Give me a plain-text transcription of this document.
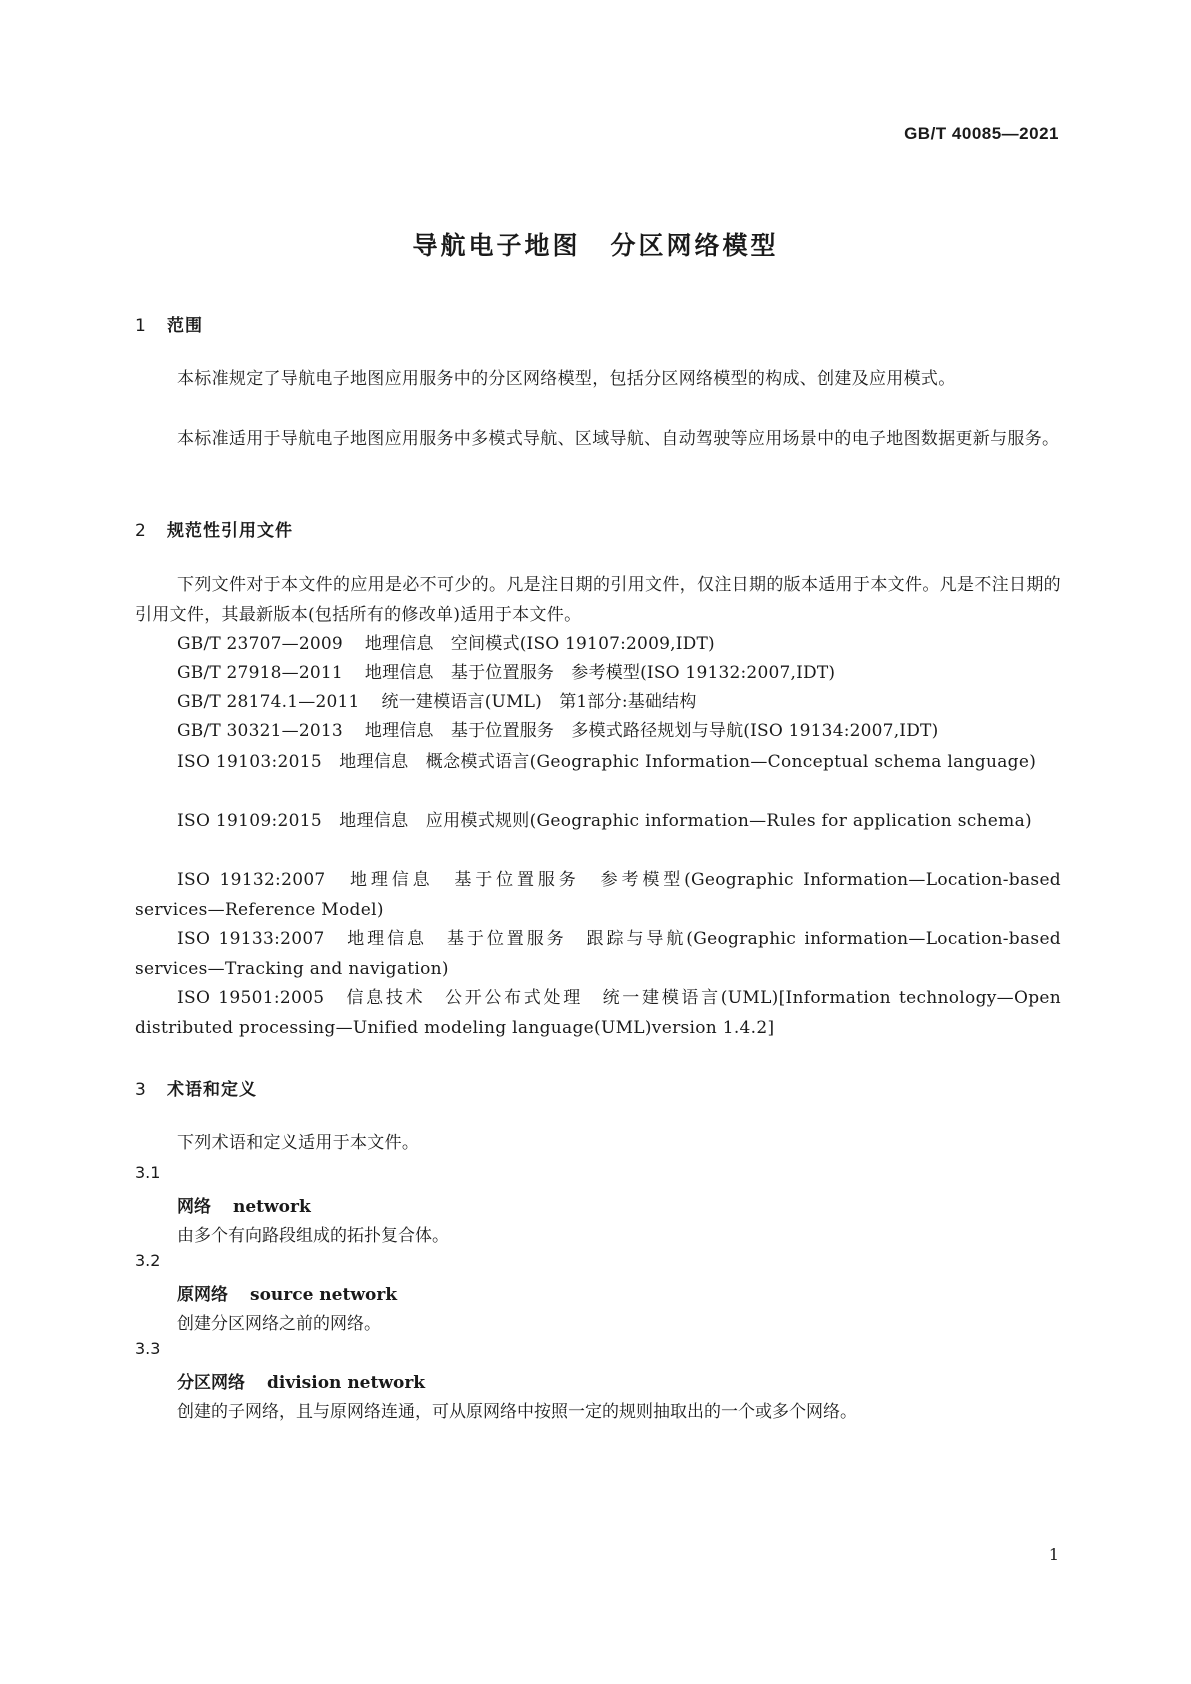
GB/T 40085—2021
导航电子地图 分区网络模型
1 范围

本标准规定了导航电子地图应用服务中的分区网络模型，包括分区网络模型的构成、创建及应用模式。

本标准适用于导航电子地图应用服务中多模式导航、区域导航、自动驾驶等应用场景中的电子地图数据更新与服务。

2 规范性引用文件

下列文件对于本文件的应用是必不可少的。凡是注日期的引用文件，仅注日期的版本适用于本文件。凡是不注日期的引用文件，其最新版本(包括所有的修改单)适用于本文件。

GB/T 23707—2009 地理信息　空间模式(ISO 19107:2009,IDT)

GB/T 27918—2011 地理信息　基于位置服务　参考模型(ISO 19132:2007,IDT)

GB/T 28174.1—2011 统一建模语言(UML)　第1部分:基础结构

GB/T 30321—2013 地理信息　基于位置服务　多模式路径规划与导航(ISO 19134:2007,IDT)

ISO 19103:2015　 地理信息　概念模式语言(Geographic Information—Conceptual schema language)

ISO 19109:2015　 地理信息　应用模式规则(Geographic information—Rules for application schema)

ISO 19132:2007　 地理信息　基于位置服务　参考模型(Geographic Information—Location-based services—Reference Model)

ISO 19133:2007　 地理信息　基于位置服务　跟踪与导航(Geographic information—Location-based services—Tracking and navigation)

ISO 19501:2005　 信息技术　公开公布式处理　统一建模语言(UML)[Information technology—Open distributed processing—Unified modeling language(UML)version 1.4.2]

3 术语和定义

下列术语和定义适用于本文件。

3.1

网络 network

由多个有向路段组成的拓扑复合体。

3.2

原网络 source network

创建分区网络之前的网络。

3.3

分区网络 division network

创建的子网络，且与原网络连通，可从原网络中按照一定的规则抽取出的一个或多个网络。

1
